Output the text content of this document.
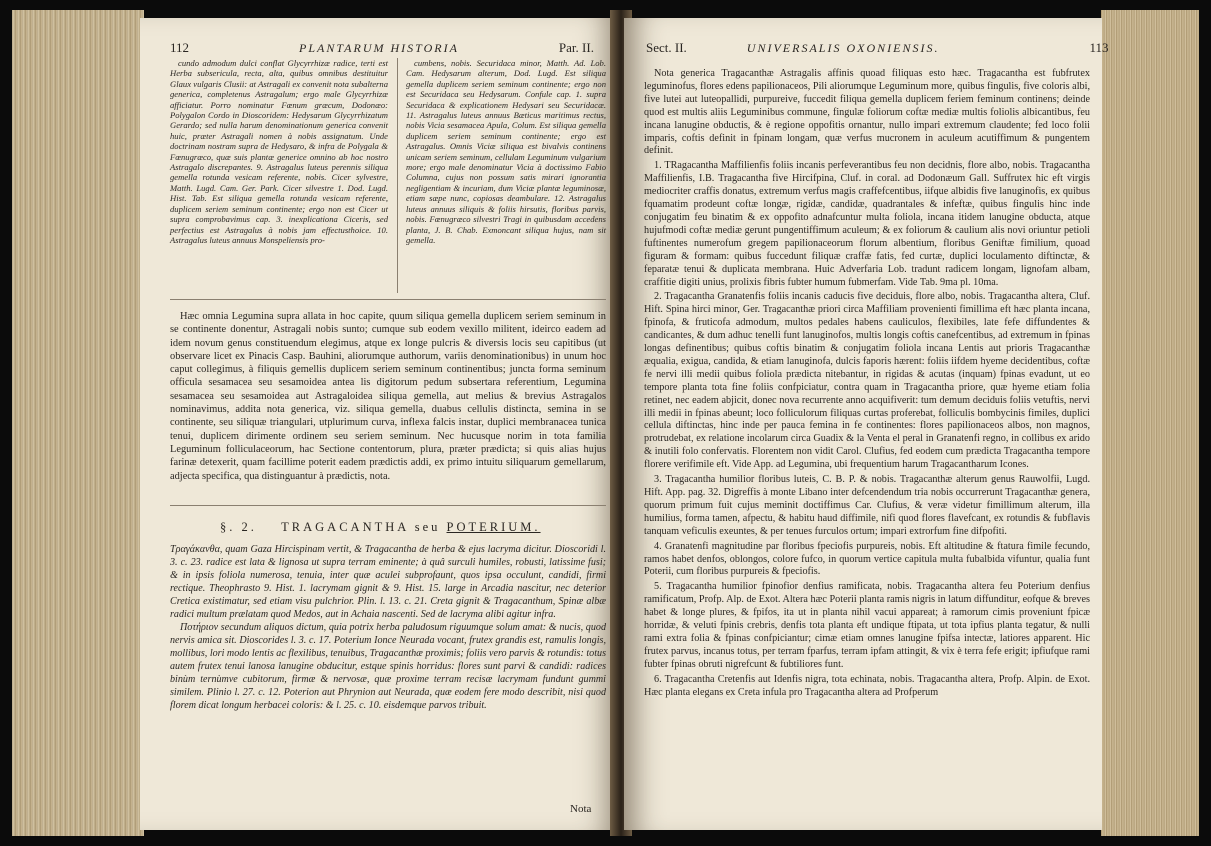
112	PLANTARUM HISTORIA	Par. II.

cundo admodum dulci conflat Glycyrrhizæ radice, terti est Herba subsericula, recta, alta, quibus omnibus destituitur Glaux vulgaris Clusii: at Astragali ex convenit nota subalterna generica, completenus Astragalum; ergo male Glycyrrhizæ afficiatur. Porro nominatur Fœnum græcum, Dodonæo: Polygalon Cordo in Dioscoridem: Hedysarum Glycyrrhizatum Gerardo; sed nulla harum denominationum generica convenit huic, præter Astragali nomen à nobis assignatum. Unde doctrinam nostram supra de Hedysaro, & infra de Polygala & Fœnugræco, quæ suis plantæ generice omnino ab hoc nostro Astragalo discrepantes. 9. Astragalus luteus perennis siliqua gemella rotunda vesicam referente, nobis. Cicer sylvestre, Matth. Lugd. Cam. Ger. Park. Cicer silvestre 1. Dod. Lugd. Hist. Tab. Est siliqua gemella rotunda vesicam referente, duplicem seriem seminum continente; ergo non est Cicer ut supra comprobavimus cap. 3. inexplicationa Ciceris, sed perfectius est Astragalus à nobis jam effectusthoice. 10. Astragalus luteus annuus Monspeliensis pro-

cumbens, nobis. Securidaca minor, Matth. Ad. Lob. Cam. Hedysarum alterum, Dod. Lugd. Est siliqua gemella duplicem seriem seminum continente; ergo non est Securidaca seu Hedysarum. Confule cap. 1. supra Securidaca & explicationem Hedysari seu Securidacæ. 11. Astragalus luteus annuus Bæticus maritimus rectus, nobis Vicia sesamacea Apula, Colum. Est siliqua gemella duplicem seriem seminum continente; ergo est Astragalus. Omnis Viciæ siliqua est bivalvis continens unicam seriem seminum, cellulam Leguminum vulgarium more; ergo male denominatur Vicia à doctissimo Fabio Columna, cujus non possum satis mirari ignorantia negligentiam & incuriam, dum Viciæ plantæ leguminosæ, etiam sæpe nunc, copiosas deambulare. 12. Astragalus luteus annuus siliquis & foliis hirsutis, floribus parvis, nobis. Fœnugræco silvestri Tragi in quibusdam accedens planta, J. B. Chab. Exmoncant siliqua hujus, nam sit gemella.

Hæc omnia Legumina supra allata in hoc capite, quum siliqua gemella duplicem seriem seminum in se continente donentur, Astragali nobis sunto; cumque sub eodem vexillo militent, ideirco eadem ad idem novum genus constituendum elegimus, atque ex longe pulcris & diversis locis seu capitibus (ut observare licet ex Pinacis Casp. Bauhini, aliorumque authorum, variis denominationibus) in unum hoc caput collegimus, à filiquis gemellis duplicem seriem seminum continentibus; juncta forma seminum officula sesamacea seu sesamoidea antea lis digitorum pedum subsertara referentium, Legumina sesamacea seu sesamoidea aut Astragaloidea siliqua gemella, aut melius & brevius Astragalos nominavimus, addita nota generica, viz. siliqua gemella, duabus cellulis distincta, semina in se continente, seu siliquæ triangulari, utplurimum curva, inflexa falcis instar, duplici membranacea tunica tenui, duplicem dirimente ordinem seu seriem seminum. Nec hucusque norim in tota familia Leguminum folliculaceorum, hac Sectione contentorum, plura, præter prædicta; si quis alias hujus farinæ detexerit, quam facillime poterit eadem prædictis addi, ex primo intuitu siliquarum gemellarum, adjecta specifica, qua distinguantur à prædictis, nota.

§. 2. TRAGACANTHA seu POTERIUM.

Τραγάκανθα, quam Gaza Hircispinam vertit, & Tragacantha de herba & ejus lacryma dicitur. Dioscoridi l. 3. c. 23. radice est lata & lignosa ut supra terram eminente; à quâ surculi humiles, robusti, latissime fusi; & in ipsis foliola numerosa, tenuia, inter quæ aculei subprofaunt, quos ipsa occulunt, candidi, firmi rectique. Theophrasto 9. Hist. 1. lacrymam gignit & 9. Hist. 15. large in Arcadia nascitur, nec deterior Cretica existimatur, sed etiam visu pulchrior. Plin. l. 13. c. 21. Creta gignit & Tragacanthum, Spinæ albæ radici multum prælatam quod Medos, aut in Achaia nascenti. Sed de lacryma alibi agitur infra.

Ποτήριον secundum aliquos dictum, quia potrix herba paludosum riguumque solum amat: & nucis, quod nervis amica sit. Dioscorides l. 3. c. 17. Poterium Ionce Neurada vocant, frutex grandis est, ramulis longis, mollibus, lori modo lentis ac flexilibus, tenuibus, Tragacanthæ proximis; foliis vero parvis & rotundis: totus autem frutex tenui lanosa lanugine obducitur, estque spinis horridus: flores sunt parvi & candidi: radices binùm ternùmve cubitorum, firmæ & nervosæ, quæ proxime terram recisæ lacrymam fundunt gummi similem. Plinio l. 27. c. 12. Poterion aut Phrynion aut Neurada, quæ eodem fere modo describit, nisi quod florem dicat longum herbacei coloris: & l. 25. c. 10. eisdemque parvos tribuit.

Nota
Sect. II.	UNIVERSALIS OXONIENSIS.	113

Nota generica Tragacanthæ Astragalis affinis quoad filiquas esto hæc. Tragacantha est fubfrutex leguminofus, flores edens papilionaceos, Pili aliorumque Leguminum more, quibus fingulis, five coloris albi, five lutei aut luteopallidi, purpureive, fuccedit filiqua gemella duplicem feriem feminum continens; deinde quod est multis aliis Leguminibus commune, fingulæ foliorum coftæ mediæ multis foliolis albicantibus, feu incana lanugine obductis, & è regione oppofitis ornantur, nullo impari extremum claudente; fed loco folii imparis, coftis definit in fpinam longam, quæ verfus mucronem in aculeum acutiffimum & pungentem definit.

1. TRagacantha Maffilienfis foliis incanis perfeverantibus feu non decidnis, flore albo, nobis. Tragacantha Maffilienfis, I.B. Tragacantha five Hircifpina, Cluf. in coral. ad Dodonæum Gall. Suffrutex hic eft virgis mediocriter craffis donatus, extremum verfus magis craffefcentibus, iifque albidis five lanuginofis, ex quibus fquamatim prodeunt coftæ longæ, rigidæ, candidæ, quadrantales & infeftæ, quibus fingulis hinc inde conjugatim feu binatim & ex oppofito adnafcuntur multa foliola, incana itidem lanugine obducta, atque hujufmodi coftæ mediæ gerunt pungentiffimum aculeum; & ex foliorum & caulium alis novi oriuntur petioli fuftinentes numerofum gregem papilionaceorum florum albentium, floribus Geniftæ fimilium, quoad figuram & formam: quibus fuccedunt filiquæ craffæ fatis, fed curtæ, duplici loculamento diftinctæ, & feparatæ tenui & duplicata membrana. Huic Adverfaria Lob. tradunt radicem longam, lignofam albam, craffitie digiti unius, prolixis fibris fubter humum fubmerfam. Vide Tab. 9ma pl. 10ma.

2. Tragacantha Granatenfis foliis incanis caducis five deciduis, flore albo, nobis. Tragacantha altera, Cluf. Hift. Spina hirci minor, Ger. Tragacanthæ priori circa Maffiliam provenienti fimillima eft hæc planta incana, fpinofa, & fruticofa admodum, multos pedales habens cauliculos, flexibiles, late fefe diffundentes & candicantes, & dum adhuc tenelli funt lanuginofos, multis longis coftis canefcentibus, ad extremum in fpinas longas definentibus; quibus coftis binatim & conjugatim foliola incana Lentis aut prioris Tragacanthæ æqualia, exigua, candida, & etiam lanuginofa, dulcis faporis hærent: foliis iifdem hyeme decidentibus, coftæ fe nervi illi medii quibus foliola prædicta nitebantur, in rigidas & acutas (inquam) fpinas evadunt, ut eo tempore planta tota fine foliis confpiciatur, contra quam in Tragacantha priore, quæ hyeme etiam folia retinet, nec eadem abjicit, donec nova recurrente anno acquifiverit: tum demum deciduis foliis vetuftis, nervi illi medii in fpinas abeunt; loco folliculorum filiquas curtas proferebat, folliculis bombycinis fimiles, duplici cellula diftinctas, hinc inde per pauca femina in fe continentes: flores papilionaceos albos, non magnos, protrudebat, ex relatione incolarum circa Guadix & la Venta el peral in Granatenfi regno, in collibus ex arido & inutili folo confervatis. Florentem non vidit Carol. Clufius, fed eodem cum prædicta Tragacantha tempore florere verifimile eft. Vide App. ad Legumina, ubi frequentium harum Tragacantharum Icones.

3. Tragacantha humilior floribus luteis, C. B. P. & nobis. Tragacanthæ alterum genus Rauwolfii, Lugd. Hift. App. pag. 32. Digreffis à monte Libano inter defcendendum tria nobis occurrerunt Tragacanthæ genera, quorum primum fuit cujus meminit doctiffimus Car. Clufius, & veræ videtur fimillimum alterum, illa humilius, forma tamen, afpectu, & habitu haud diffimile, nifi quod flores flavefcant, ex rotundis & fubflavis tanquam veficulis exeuntes, & per tenues furculos ortum; impari extrorfum fine difpofiti.

4. Granatenfi magnitudine par floribus fpeciofis purpureis, nobis. Eft altitudine & ftatura fimile fecundo, ramos habet denfos, oblongos, colore fufco, in quorum vertice capitula multa fubalbida vifuntur, qualia funt Poterii, cum floribus purpureis & fpeciofis.

5. Tragacantha humilior fpinofior denfius ramificata, nobis. Tragacantha altera feu Poterium denfius ramificatum, Profp. Alp. de Exot. Altera hæc Poterii planta ramis nigris in latum diffunditur, eofque & breves habet & longe plures, & fpifos, ita ut in planta nihil vacui appareat; à ramorum cimis proveniunt fpicæ horridæ, & veluti fpinis crebris, denfis tota planta eft undique ftipata, ut tota ipfius planta tegatur, & nulli rami extra folia & fpinas confpiciantur; cimæ etiam omnes lanugine fpifsa intectæ, latiores apparent. Hic frutex parvus, incanus totus, per terram fparfus, terram ipfam attingit, & vix è terra fefe erigit; ipfiufque rami fubter fpinas obruti nigrefcunt & fubtiliores funt.

6. Tragacantha Cretenfis aut Idenfis nigra, tota echinata, nobis. Tragacantha altera, Profp. Alpin. de Exot. Hæc planta elegans ex Creta infula pro Tragacantha altera ad Profperum
